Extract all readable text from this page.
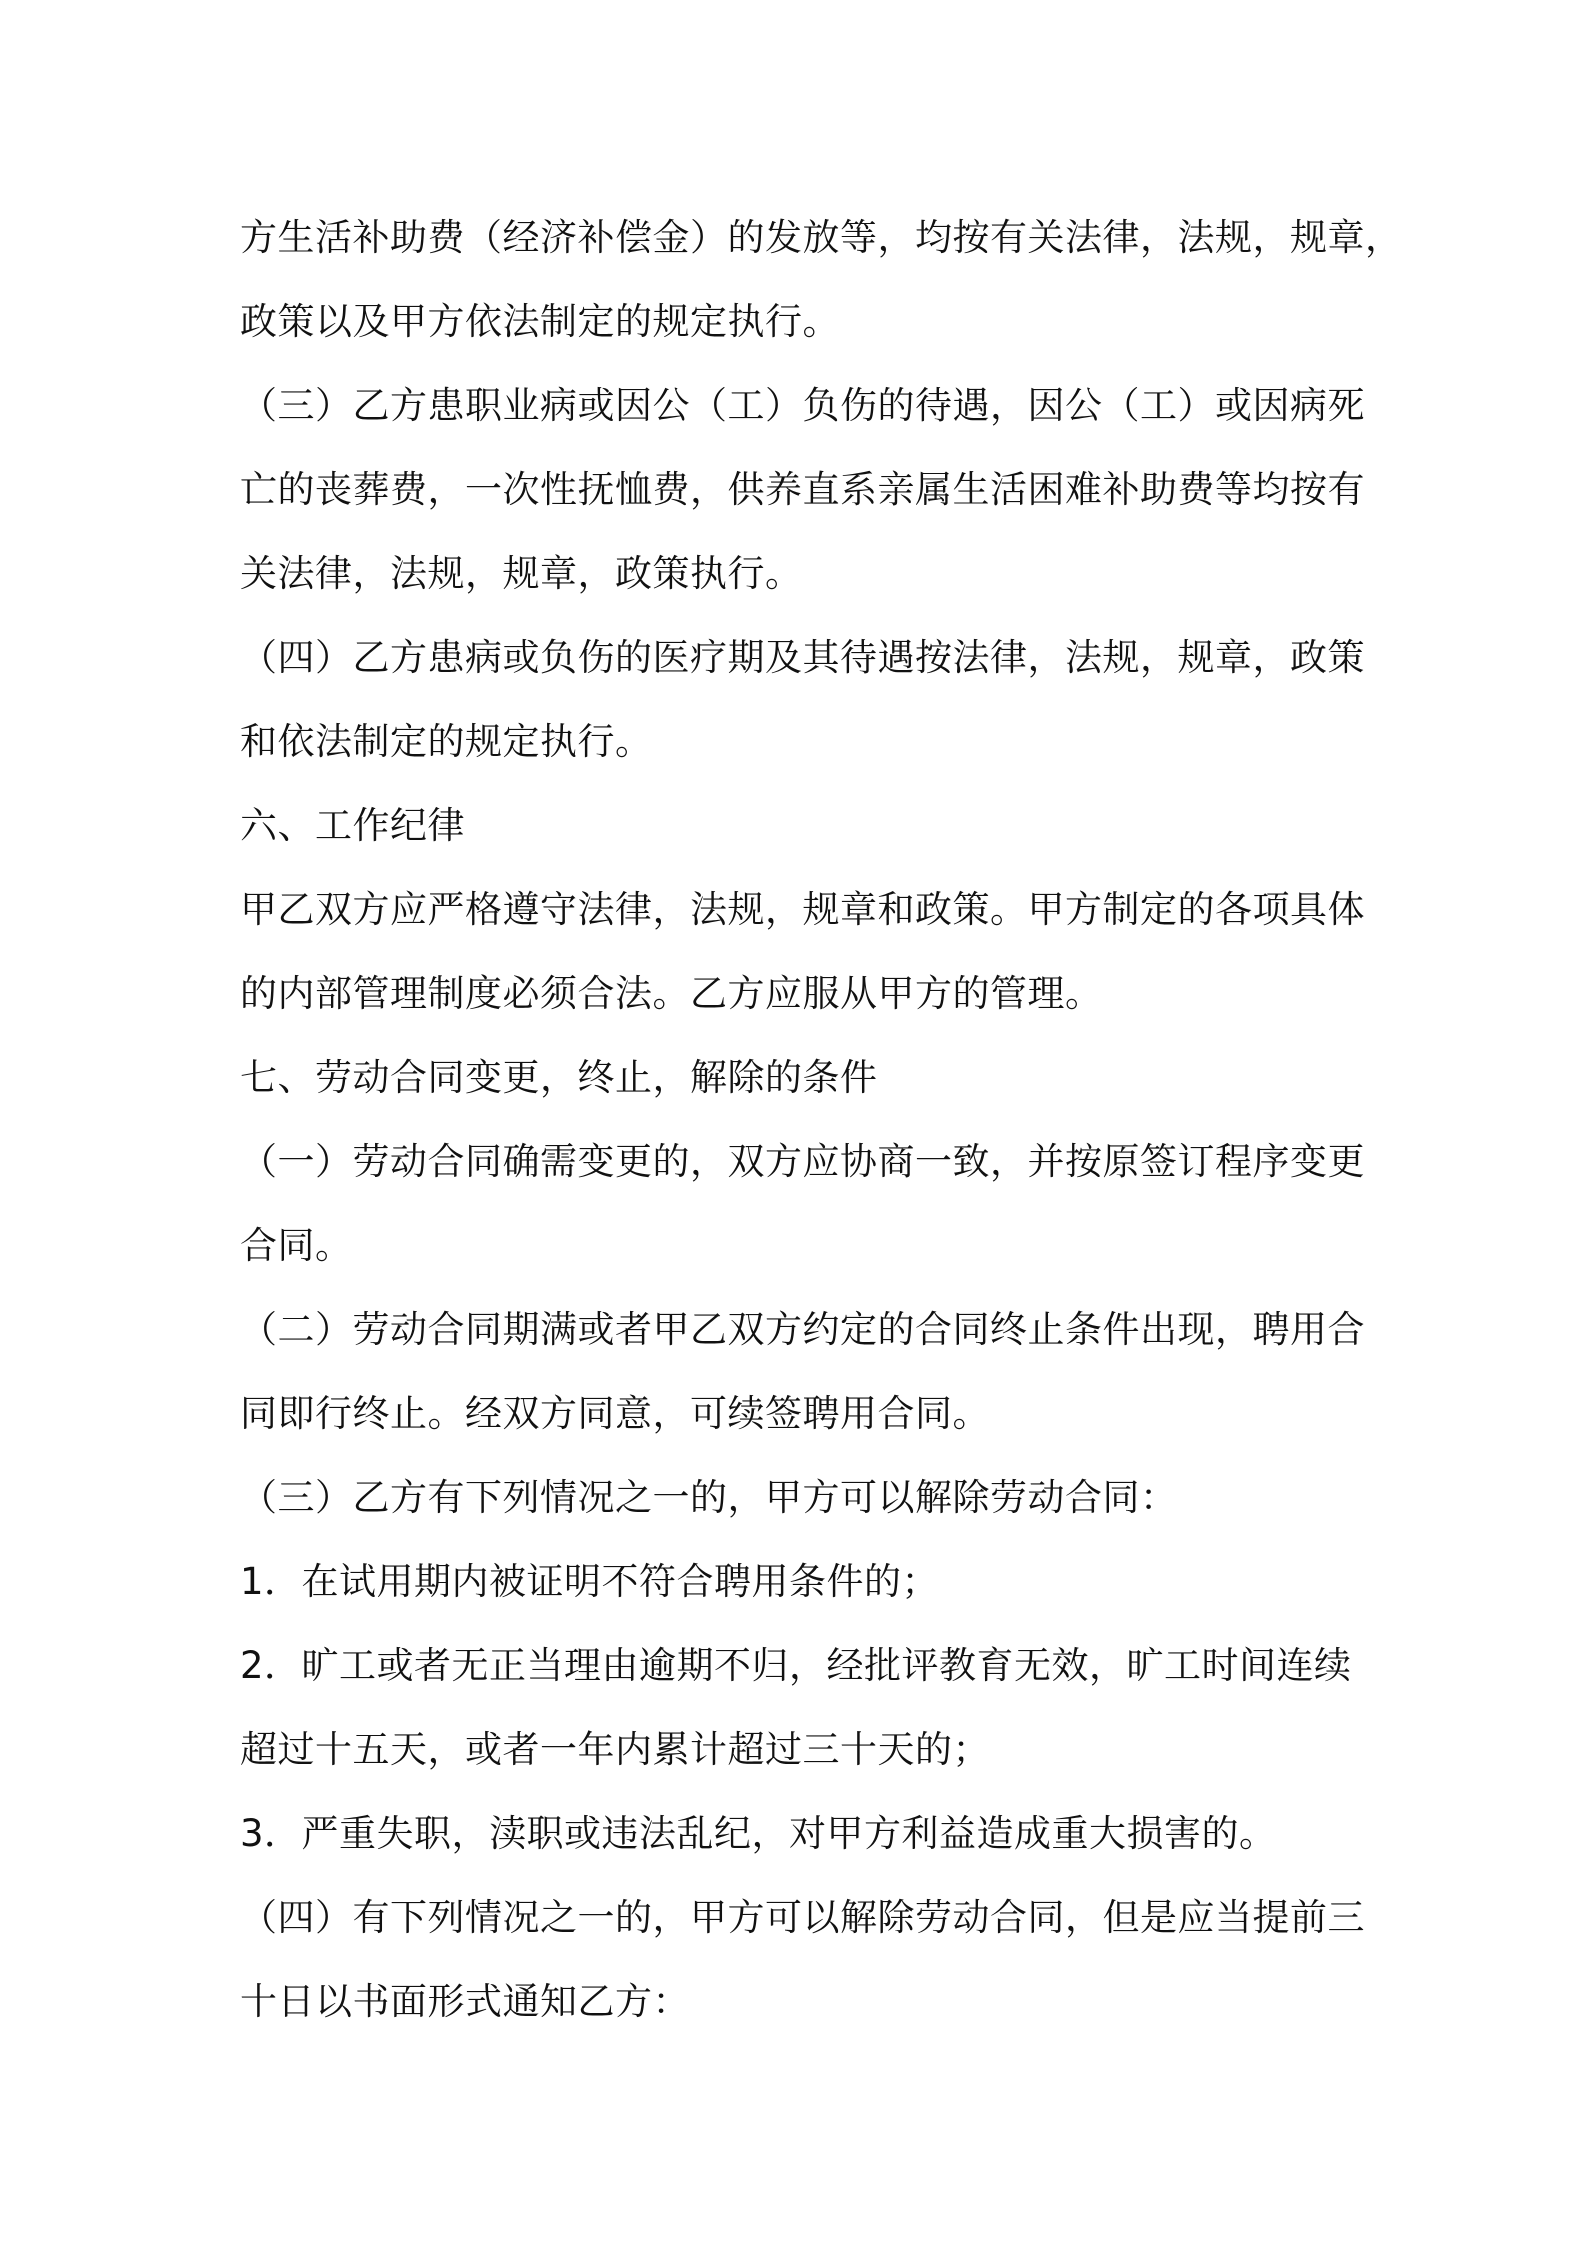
方生活补助费（经济补偿金）的发放等，均按有关法律，法规，规章，
政策以及甲方依法制定的规定执行。
（三）乙方患职业病或因公（工）负伤的待遇，因公（工）或因病死
亡的丧葬费，一次性抚恤费，供养直系亲属生活困难补助费等均按有
关法律，法规，规章，政策执行。
（四）乙方患病或负伤的医疗期及其待遇按法律，法规，规章，政策
和依法制定的规定执行。
六、工作纪律
甲乙双方应严格遵守法律，法规，规章和政策。甲方制定的各项具体
的内部管理制度必须合法。乙方应服从甲方的管理。
七、劳动合同变更，终止，解除的条件
（一）劳动合同确需变更的，双方应协商一致，并按原签订程序变更
合同。
（二）劳动合同期满或者甲乙双方约定的合同终止条件出现，聘用合
同即行终止。经双方同意，可续签聘用合同。
（三）乙方有下列情况之一的，甲方可以解除劳动合同：
1．在试用期内被证明不符合聘用条件的；
2．旷工或者无正当理由逾期不归，经批评教育无效，旷工时间连续
超过十五天，或者一年内累计超过三十天的；
3．严重失职，渎职或违法乱纪，对甲方利益造成重大损害的。
（四）有下列情况之一的，甲方可以解除劳动合同，但是应当提前三
十日以书面形式通知乙方：
